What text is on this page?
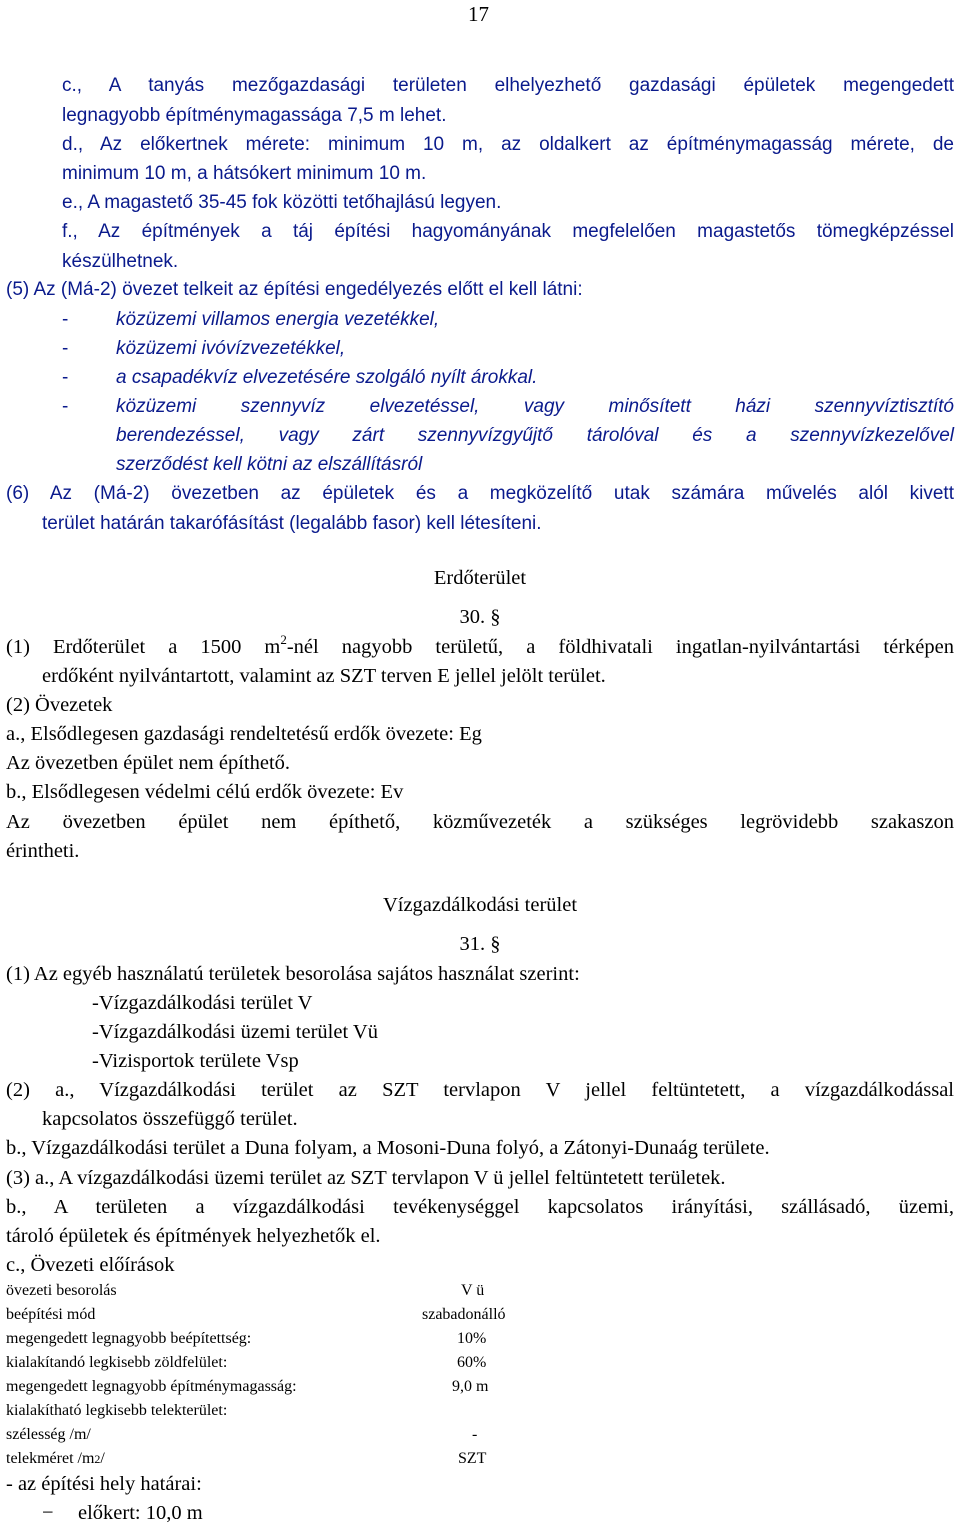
17
c., A tanyás mezőgazdasági területen elhelyezhető gazdasági épületek megengedett
legnagyobb építménymagassága 7,5 m lehet.
d., Az előkertnek mérete: minimum 10 m, az oldalkert az építménymagasság mérete, de
minimum 10 m, a hátsókert minimum 10 m.
e., A magastető 35-45 fok közötti tetőhajlású legyen.
f., Az építmények a táj építési hagyományának megfelelően magastetős tömegképzéssel
készülhetnek.
(5) Az (Má-2) övezet telkeit az építési engedélyezés előtt el kell látni:
-	közüzemi villamos energia vezetékkel,
-	közüzemi ivóvízvezetékkel,
-	a csapadékvíz elvezetésére szolgáló nyílt árokkal.
-	közüzemi szennyvíz elvezetéssel, vagy minősített házi szennyvíztisztító
berendezéssel, vagy zárt szennyvízgyűjtő tárolóval és a szennyvízkezelővel
szerződést kell kötni az elszállításról
(6) Az (Má-2) övezetben az épületek és a megközelítő utak számára művelés alól kivett
terület határán takarófásítást (legalább fasor) kell létesíteni.
Erdőterület
30. §
(1) Erdőterület a 1500 $m^2$-nél nagyobb területű, a földhivatali ingatlan-nyilvántartási térképen
erdőként nyilvántartott, valamint az SZT terven E jellel jelölt terület.
(2) Övezetek
a., Elsődlegesen gazdasági rendeltetésű erdők övezete: Eg
Az övezetben épület nem építhető.
b., Elsődlegesen védelmi célú erdők övezete: Ev
Az övezetben épület nem építhető, közművezeték a szükséges legrövidebb szakaszon
érintheti.
Vízgazdálkodási terület
31. §
(1) Az egyéb használatú területek besorolása sajátos használat szerint:
-Vízgazdálkodási terület V
-Vízgazdálkodási üzemi terület Vü
-Vizisportok területe Vsp
(2) a., Vízgazdálkodási terület az SZT tervlapon V jellel feltüntetett, a vízgazdálkodással
kapcsolatos összefüggő terület.
b., Vízgazdálkodási terület a Duna folyam, a Mosoni-Duna folyó, a Zátonyi-Dunaág területe.
(3) a., A vízgazdálkodási üzemi terület az SZT tervlapon V ü jellel feltüntetett területek.
b., A területen a vízgazdálkodási tevékenységgel kapcsolatos irányítási, szállásadó, üzemi,
tároló épületek és építmények helyezhetők el.
c., Övezeti előírások
övezeti besorolás	V ü
beépítési mód	szabadonálló
megengedett legnagyobb beépítettség:	10%
kialakítandó legkisebb zöldfelület:	60%
megengedett legnagyobb építménymagasság:	9,0 m
kialakítható legkisebb telekterület:
szélesség /m/	-
telekméret /m2/	SZT
- az építési hely határai:
− előkert: 10,0 m
